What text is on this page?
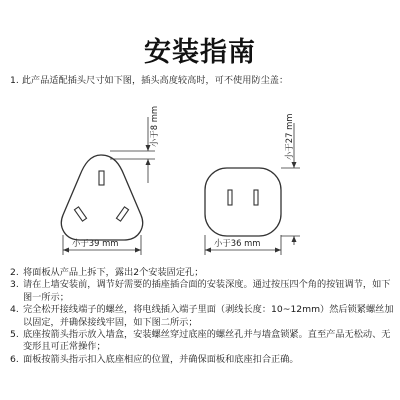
安装指南
1. 此产品适配插头尺寸如下图，插头高度较高时，可不使用防尘盖：
小于8 mm
小于39 mm
小于27 mm
小于36 mm
2. 将面板从产品上拆下，露出2个安装固定孔；
3. 请在上墙安装前，调节好需要的插座插合面的安装深度。通过按压四个角的按钮调节，如下图一所示；
4. 完全松开接线端子的螺丝，将电线插入端子里面（剥线长度：10~12mm）然后锁紧螺丝加以固定，并确保接线牢固，如下图二所示；
5. 底座按箭头指示放入墙盒，安装螺丝穿过底座的螺丝孔并与墙盒锁紧。直至产品无松动、无变形且可正常操作；
6. 面板按箭头指示扣入底座相应的位置，并确保面板和底座扣合正确。
